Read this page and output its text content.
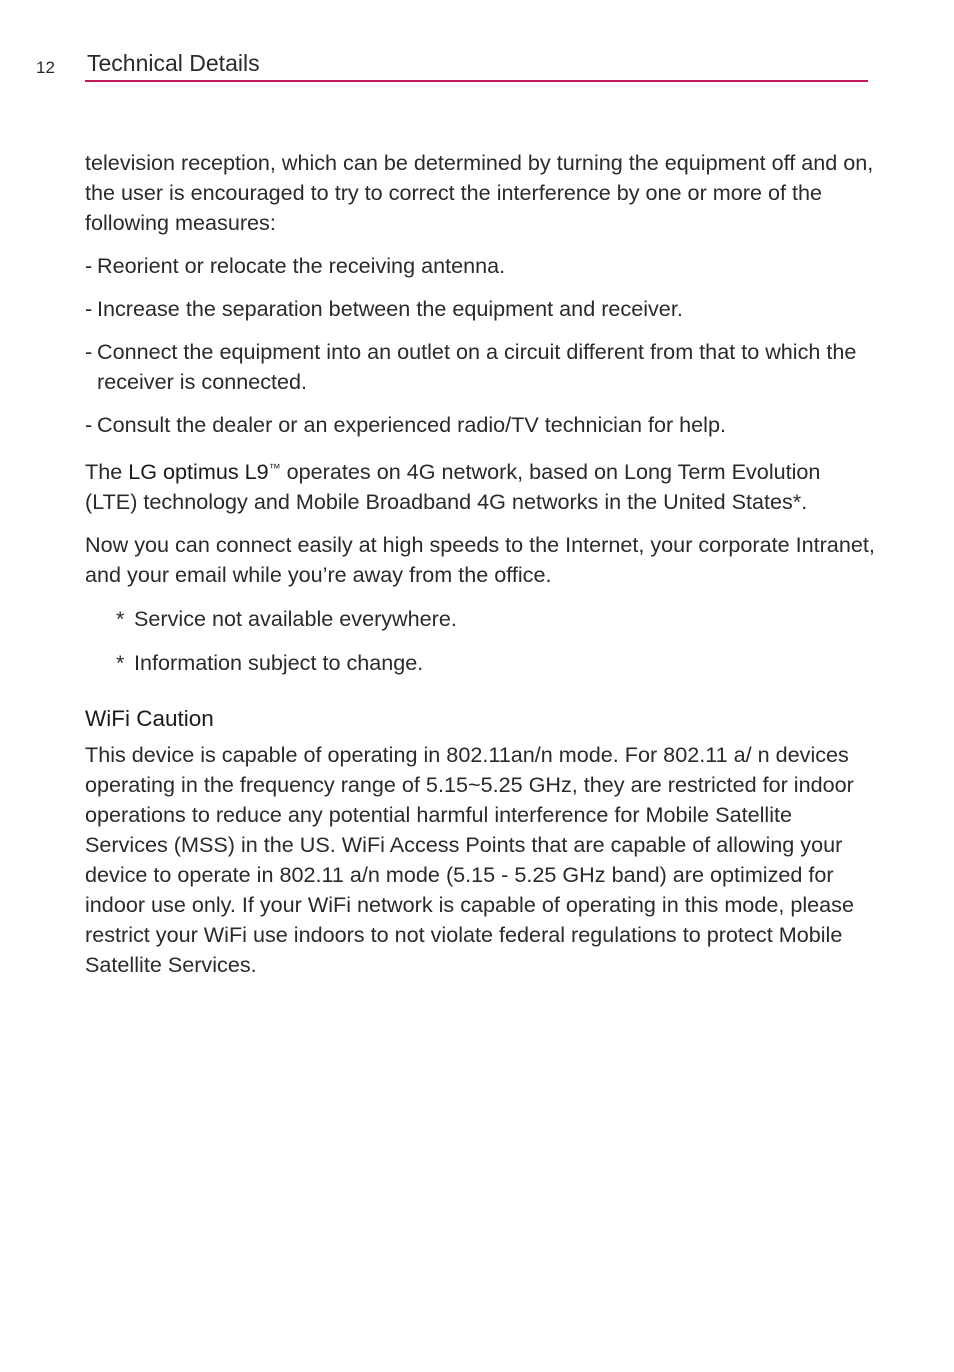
12 Technical Details

television reception, which can be determined by turning the equipment off and on, the user is encouraged to try to correct the interference by one or more of the following measures:

- Reorient or relocate the receiving antenna.

- Increase the separation between the equipment and receiver.

- Connect the equipment into an outlet on a circuit different from that to which the receiver is connected.

- Consult the dealer or an experienced radio/TV technician for help.

The LG optimus L9™ operates on 4G network, based on Long Term Evolution (LTE) technology and Mobile Broadband 4G networks in the United States*.

Now you can connect easily at high speeds to the Internet, your corporate Intranet, and your email while you’re away from the office.

* Service not available everywhere.

* Information subject to change.

WiFi Caution

This device is capable of operating in 802.11an/n mode. For 802.11 a/ n devices operating in the frequency range of 5.15~5.25 GHz, they are restricted for indoor operations to reduce any potential harmful interference for Mobile Satellite Services (MSS) in the US. WiFi Access Points that are capable of allowing your device to operate in 802.11 a/n mode (5.15 - 5.25 GHz band) are optimized for indoor use only. If your WiFi network is capable of operating in this mode, please restrict your WiFi use indoors to not violate federal regulations to protect Mobile Satellite Services.
